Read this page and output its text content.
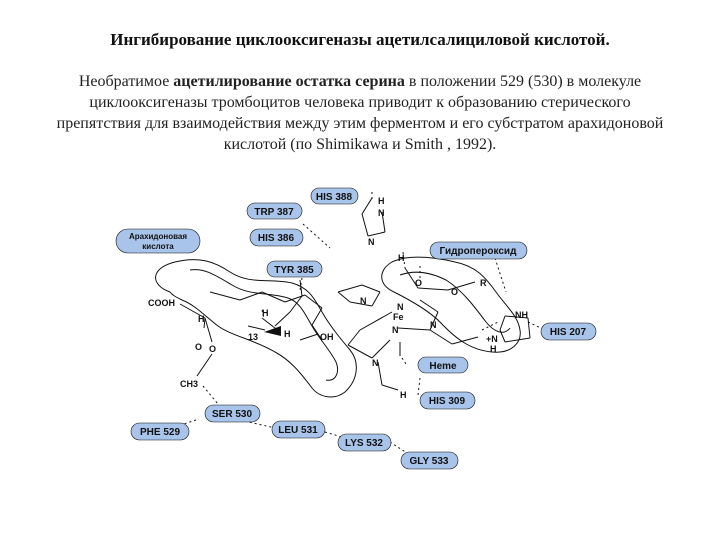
Ингибирование циклооксигеназы ацетилсалициловой кислотой.
Необратимое ацетилирование остатка серина в положении 529 (530) в молекуле циклооксигеназы тромбоцитов человека приводит к образованию стерического препятствия для взаимодействия между этим ферментом и его субстратом арахидоновой кислотой (по Shimikawa и Smith , 1992).
HIS 388
TRP 387
Арахидоновая
кислота
HIS 386
TYR 385
Гидропероксид
HIS 207
Heme
HIS 309
SER 530
PHE 529	LEU 531
LYS 532
GLY 533
H
N
N
H
O
O
R
COOH
H
H
13	H	OH
N
N
Fe
N	N
NH
+N
H
O O
CH3
N
H
